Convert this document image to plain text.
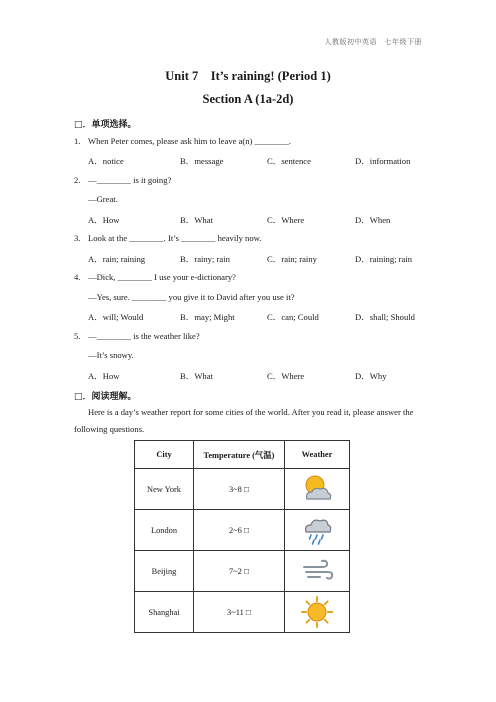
人教版初中英语　七年级下册
Unit 7　It’s raining! (Period 1)
Section A (1a-2d)
□．单项选择。
1. When Peter comes, please ask him to leave a(n) ________.
A．notice	B．message	C．sentence	D．information
2. —________ is it going?
—Great.
A．How	B．What	C．Where	D．When
3. Look at the ________. It’s ________ heavily now.
A．rain; raining	B．rainy; rain	C．rain; rainy	D．raining; rain
4. —Dick, ________ I use your e-dictionary?
—Yes, sure. ________ you give it to David after you use it?
A．will; Would	B．may; Might	C．can; Could	D．shall; Should
5. —________ is the weather like?
—It’s snowy.
A．How	B．What	C．Where	D．Why
□．阅读理解。
Here is a day’s weather report for some cities of the world. After you read it, please answer the following questions.
City	Temperature (气温)	Weather
New York	3~8 □	

London	2~6 □	

Beijing	7~2 □	

Shanghai	3~11 □	
